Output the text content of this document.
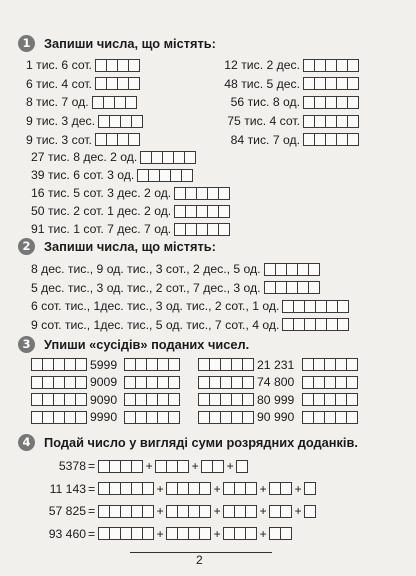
1	Запиши числа, що містять:
1 тис. 6 сот.
6 тис. 4 сот.
8 тис. 7 од.
9 тис. 3 дес.
9 тис. 3 сот.
12 тис. 2 дес.
48 тис. 5 дес.
56 тис. 8 од.
75 тис. 4 сот.
84 тис. 7 од.
27 тис. 8 дес. 2 од.
39 тис. 6 сот. 3 од.
16 тис. 5 сот. 3 дес. 2 од.
50 тис. 2 сот. 1 дес. 2 од.
91 тис. 1 сот. 7 дес. 7 од.
2	Запиши числа, що містять:
8 дес. тис., 9 од. тис., 3 сот., 2 дес., 5 од.
5 дес. тис., 3 од. тис., 2 сот., 7 дес., 3 од.
6 сот. тис., 1дес. тис., 3 од. тис., 2 сот., 1 од.
9 сот. тис., 1дес. тис., 5 од. тис., 7 сот., 4 од.
3	Упиши «сусідів» поданих чисел.
5999
9009
9090
9990
21 231
74 800
80 999
90 990
4	Подай число у вигляді суми розрядних доданків.
5378 =	+	+ +
11 143 =	+	+	+ +
57 825 =	+	+	+ +
93 460 =	+	+	+
2
